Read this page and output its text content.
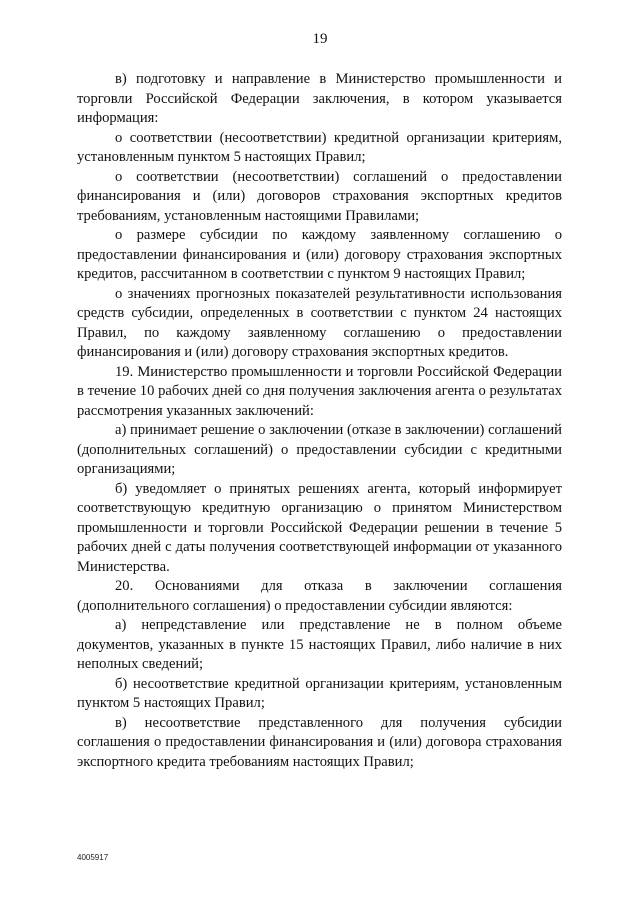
19

в) подготовку и направление в Министерство промышленности и торговли Российской Федерации заключения, в котором указывается информация:

о соответствии (несоответствии) кредитной организации критериям, установленным пунктом 5 настоящих Правил;

о соответствии (несоответствии) соглашений о предоставлении финансирования и (или) договоров страхования экспортных кредитов требованиям, установленным настоящими Правилами;

о размере субсидии по каждому заявленному соглашению о предоставлении финансирования и (или) договору страхования экспортных кредитов, рассчитанном в соответствии с пунктом 9 настоящих Правил;

о значениях прогнозных показателей результативности использования средств субсидии, определенных в соответствии с пунктом 24 настоящих Правил, по каждому заявленному соглашению о предоставлении финансирования и (или) договору страхования экспортных кредитов.

19. Министерство промышленности и торговли Российской Федерации в течение 10 рабочих дней со дня получения заключения агента о результатах рассмотрения указанных заключений:

а) принимает решение о заключении (отказе в заключении) соглашений (дополнительных соглашений) о предоставлении субсидии с кредитными организациями;

б) уведомляет о принятых решениях агента, который информирует соответствующую кредитную организацию о принятом Министерством промышленности и торговли Российской Федерации решении в течение 5 рабочих дней с даты получения соответствующей информации от указанного Министерства.

20. Основаниями для отказа в заключении соглашения (дополнительного соглашения) о предоставлении субсидии являются:

а) непредставление или представление не в полном объеме документов, указанных в пункте 15 настоящих Правил, либо наличие в них неполных сведений;

б) несоответствие кредитной организации критериям, установленным пунктом 5 настоящих Правил;

в) несоответствие представленного для получения субсидии соглашения о предоставлении финансирования и (или) договора страхования экспортного кредита требованиям настоящих Правил;

4005917
